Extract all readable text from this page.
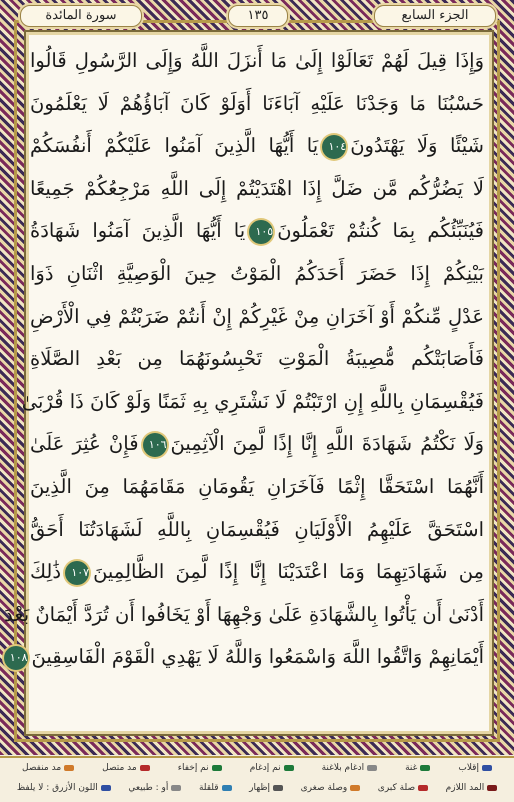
الجزء السابع
١٣٥
سورة المائدة
وَإِذَا قِيلَ لَهُمْ تَعَالَوْا إِلَىٰ مَا أَنزَلَ اللَّهُ وَإِلَى الرَّسُولِ قَالُوا
حَسْبُنَا مَا وَجَدْنَا عَلَيْهِ آبَاءَنَا أَوَلَوْ كَانَ آبَاؤُهُمْ لَا يَعْلَمُونَ
شَيْئًا وَلَا يَهْتَدُونَ١٠٤يَا أَيُّهَا الَّذِينَ آمَنُوا عَلَيْكُمْ أَنفُسَكُمْ
لَا يَضُرُّكُم مَّن ضَلَّ إِذَا اهْتَدَيْتُمْ إِلَى اللَّهِ مَرْجِعُكُمْ جَمِيعًا
فَيُنَبِّئُكُم بِمَا كُنتُمْ تَعْمَلُونَ١٠٥يَا أَيُّهَا الَّذِينَ آمَنُوا شَهَادَةُ
بَيْنِكُمْ إِذَا حَضَرَ أَحَدَكُمُ الْمَوْتُ حِينَ الْوَصِيَّةِ اثْنَانِ ذَوَا
عَدْلٍ مِّنكُمْ أَوْ آخَرَانِ مِنْ غَيْرِكُمْ إِنْ أَنتُمْ ضَرَبْتُمْ فِي الْأَرْضِ
فَأَصَابَتْكُم مُّصِيبَةُ الْمَوْتِ تَحْبِسُونَهُمَا مِن بَعْدِ الصَّلَاةِ
فَيُقْسِمَانِ بِاللَّهِ إِنِ ارْتَبْتُمْ لَا نَشْتَرِي بِهِ ثَمَنًا وَلَوْ كَانَ ذَا قُرْبَىٰ
وَلَا نَكْتُمُ شَهَادَةَ اللَّهِ إِنَّا إِذًا لَّمِنَ الْآثِمِينَ١٠٦فَإِنْ عُثِرَ عَلَىٰ
أَنَّهُمَا اسْتَحَقَّا إِثْمًا فَآخَرَانِ يَقُومَانِ مَقَامَهُمَا مِنَ الَّذِينَ
اسْتَحَقَّ عَلَيْهِمُ الْأَوْلَيَانِ فَيُقْسِمَانِ بِاللَّهِ لَشَهَادَتُنَا أَحَقُّ
مِن شَهَادَتِهِمَا وَمَا اعْتَدَيْنَا إِنَّا إِذًا لَّمِنَ الظَّالِمِينَ١٠٧ذَٰلِكَ
أَدْنَىٰ أَن يَأْتُوا بِالشَّهَادَةِ عَلَىٰ وَجْهِهَا أَوْ يَخَافُوا أَن تُرَدَّ أَيْمَانٌ بَعْدَ
أَيْمَانِهِمْ وَاتَّقُوا اللَّهَ وَاسْمَعُوا وَاللَّهُ لَا يَهْدِي الْقَوْمَ الْفَاسِقِينَ١٠٨
إقلاب
غنة
ادغام بلاغنة
نم إدغام
نم إخفاء
مد متصل
مد منفصل
المد اللازم
صلة كبرى
وصلة صغرى
إظهار
قلقلة
أو : طبيعي
اللون الأزرق : لا يلفظ
